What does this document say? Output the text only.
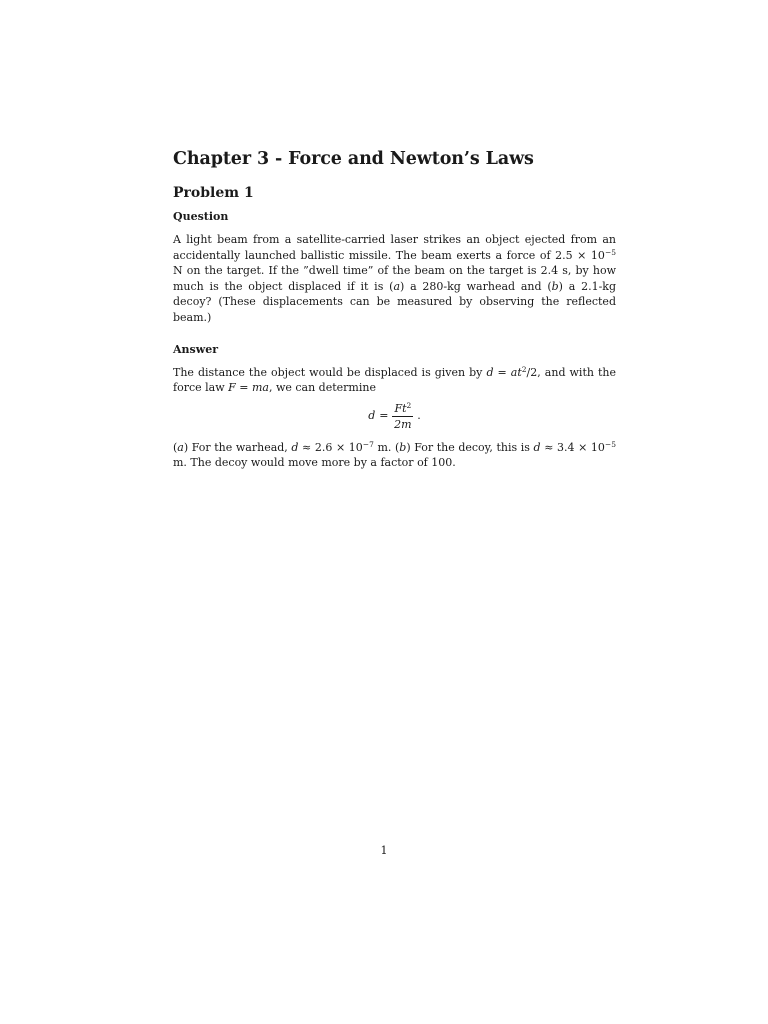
Chapter 3 - Force and Newton’s Laws
Problem 1
Question

A light beam from a satellite-carried laser strikes an object ejected from an accidentally launched ballistic missile. The beam exerts a force of $2.5 \times 10^{-5}$ N on the target. If the ”dwell time” of the beam on the target is 2.4 s, by how much is the object displaced if it is (a) a 280-kg warhead and (b) a 2.1-kg decoy? (These displacements can be measured by observing the reflected beam.)

Answer

The distance the object would be displaced is given by $d = at^2/2$, and with the force law F = ma, we can determine

$d = \frac{Ft^2}{2m}$ .

(a) For the warhead, $d \approx 2.6 \times 10^{-7}$ m. (b) For the decoy, this is $d \approx 3.4 \times 10^{-5}$ m. The decoy would move more by a factor of 100.

1
